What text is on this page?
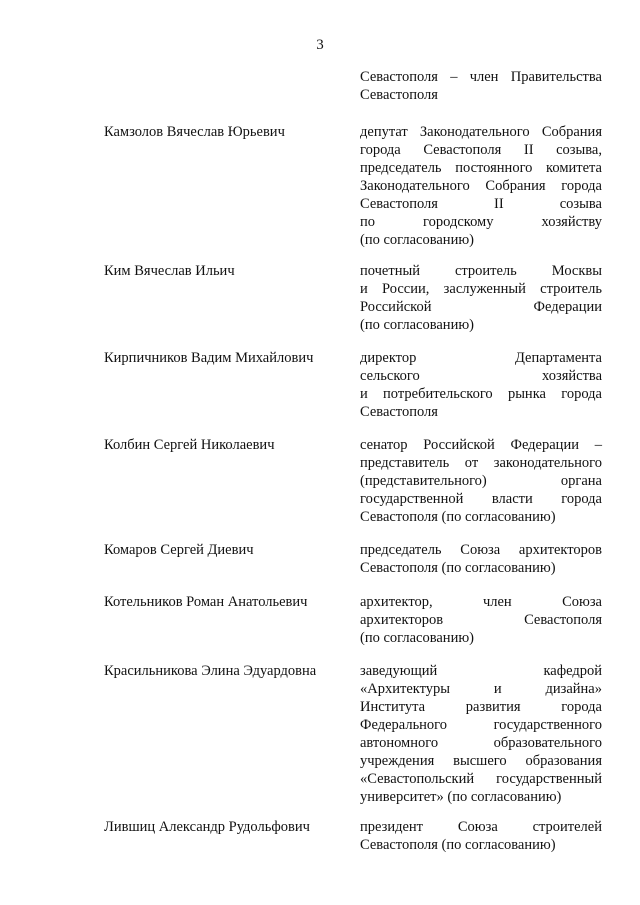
3
Севастополя – член Правительства
Севастополя
Камзолов Вячеслав Юрьевич	депутат Законодательного Собрания
города Севастополя II созыва,
председатель постоянного комитета
Законодательного Собрания города
Севастополя	II	созыва
по	городскому	хозяйству
(по согласованию)
Ким Вячеслав Ильич	почетный строитель Москвы
и России, заслуженный строитель
Российской	Федерации
(по согласованию)
Кирпичников Вадим Михайлович	директор	Департамента
сельского	хозяйства
и потребительского рынка города
Севастополя
Колбин Сергей Николаевич	сенатор Российской Федерации –
представитель от законодательного
(представительного)	органа
государственной власти города
Севастополя (по согласованию)
Комаров Сергей Диевич	председатель Союза архитекторов
Севастополя (по согласованию)
Котельников Роман Анатольевич	архитектор,	член	Союза
архитекторов	Севастополя
(по согласованию)
Красильникова Элина Эдуардовна	заведующий	кафедрой
«Архитектуры	и	дизайна»
Института	развития	города
Федерального	государственного
автономного	образовательного
учреждения высшего образования
«Севастопольский государственный
университет» (по согласованию)
Лившиц Александр Рудольфович	президент Союза строителей
Севастополя (по согласованию)
